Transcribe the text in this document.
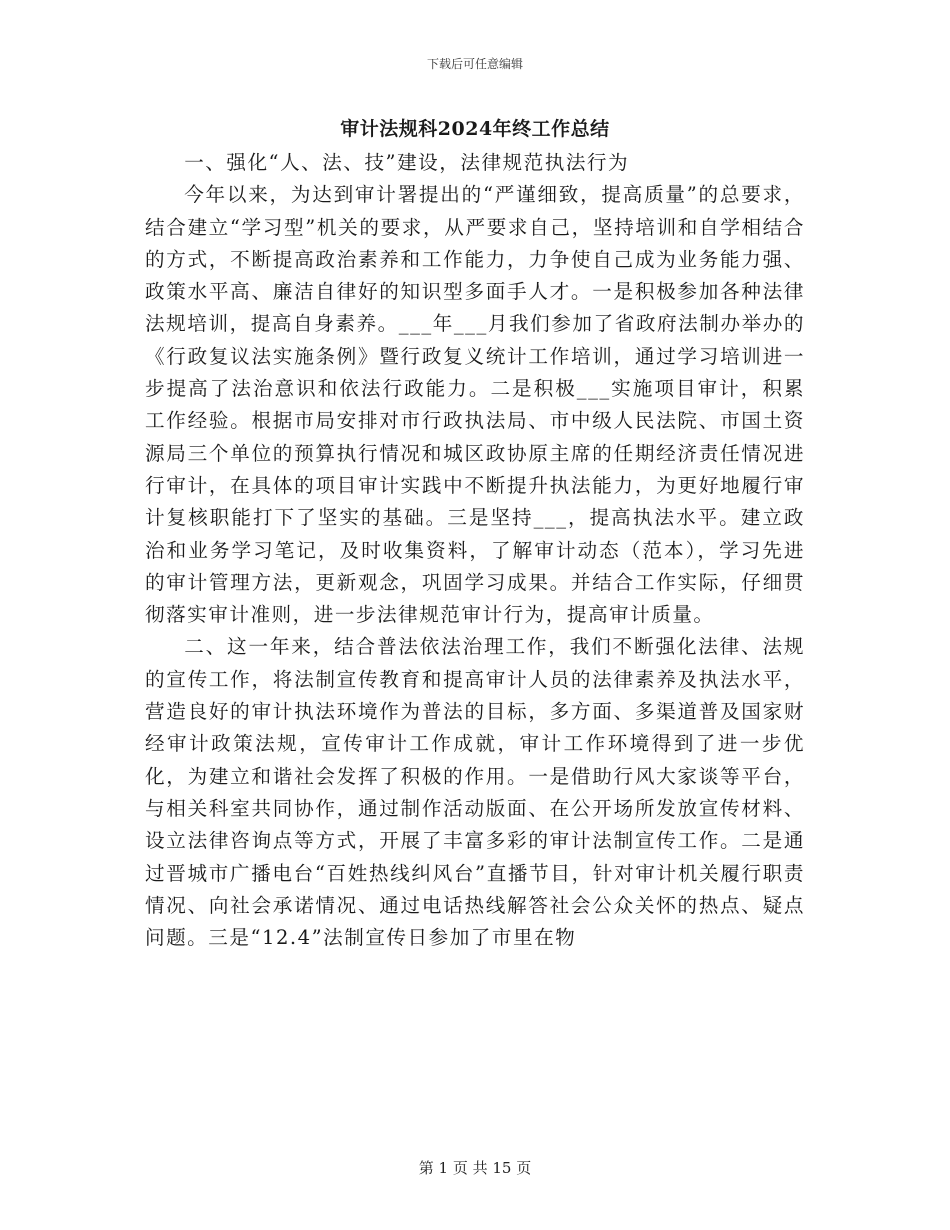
下载后可任意编辑
审计法规科2024年终工作总结

一、强化“人、法、技”建设，法律规范执法行为

今年以来，为达到审计署提出的“严谨细致，提高质量”的总要求，结合建立“学习型”机关的要求，从严要求自己，坚持培训和自学相结合的方式，不断提高政治素养和工作能力，力争使自己成为业务能力强、政策水平高、廉洁自律好的知识型多面手人才。一是积极参加各种法律法规培训，提高自身素养。___年___月我们参加了省政府法制办举办的《行政复议法实施条例》暨行政复义统计工作培训，通过学习培训进一步提高了法治意识和依法行政能力。二是积极___实施项目审计，积累工作经验。根据市局安排对市行政执法局、市中级人民法院、市国土资源局三个单位的预算执行情况和城区政协原主席的任期经济责任情况进行审计，在具体的项目审计实践中不断提升执法能力，为更好地履行审计复核职能打下了坚实的基础。三是坚持___，提高执法水平。建立政治和业务学习笔记，及时收集资料，了解审计动态（范本），学习先进的审计管理方法，更新观念，巩固学习成果。并结合工作实际，仔细贯彻落实审计准则，进一步法律规范审计行为，提高审计质量。

二、这一年来，结合普法依法治理工作，我们不断强化法律、法规的宣传工作，将法制宣传教育和提高审计人员的法律素养及执法水平，营造良好的审计执法环境作为普法的目标，多方面、多渠道普及国家财经审计政策法规，宣传审计工作成就，审计工作环境得到了进一步优化，为建立和谐社会发挥了积极的作用。一是借助行风大家谈等平台，与相关科室共同协作，通过制作活动版面、在公开场所发放宣传材料、设立法律咨询点等方式，开展了丰富多彩的审计法制宣传工作。二是通过晋城市广播电台“百姓热线纠风台”直播节目，针对审计机关履行职责情况、向社会承诺情况、通过电话热线解答社会公众关怀的热点、疑点问题。三是“12.4”法制宣传日参加了市里在物

第 1 页 共 15 页
